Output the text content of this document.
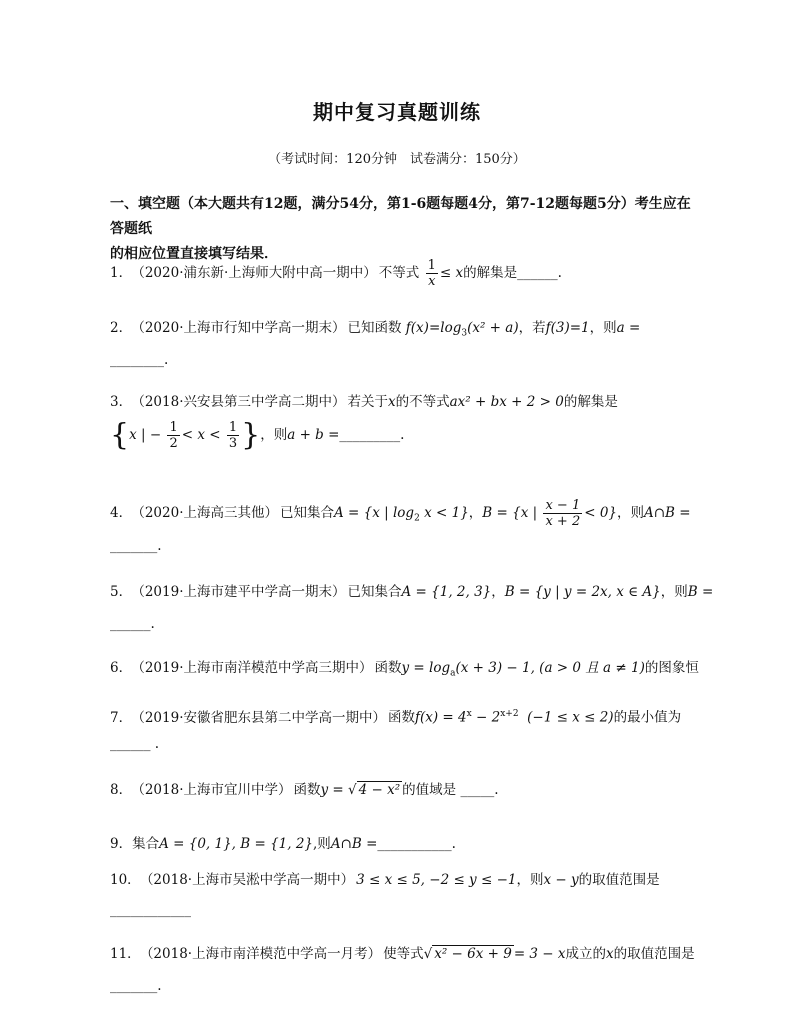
期中复习真题训练
（考试时间：120分钟　试卷满分：150分）
一、填空题（本大题共有12题，满分54分，第1-6题每题4分，第7-12题每题5分）考生应在答题纸
的相应位置直接填写结果．
1． （2020·浦东新·上海师大附中高一期中） 不等式 $\frac{1}{x} \le x$的解集是______.
2． （2020·上海市行知中学高一期末） 已知函数 $f(x)=\log_3(x^2 + a)$，若f(3)=1，则a =
________.
3． （2018·兴安县第三中学高二期中） 若关于x的不等式ax² + bx + 2 > 0的解集是
{x | − $\frac{1}{2} < x < \frac{1}{3}$ }，则a + b =_________.
4． （2020·上海高三其他） 已知集合A = {x | $\log_2 x < 1$}，B = {x | $\frac{x - 1}{x + 2} < 0$}，则A∩B =
_______.
5． （2019·上海市建平中学高一期末） 已知集合A = {1, 2, 3}，B = {y | y = 2x, x ∈ A}，则B =
______.
6． （2019·上海市南洋模范中学高三期中） 函数$y = \log_a(x + 3) - 1$, (a > 0 且 a ≠ 1)的图象恒
7． （2019·安徽省肥东县第二中学高一期中） 函数$f(x) = 4^x - 2^{x+2}$ (−1 ≤ x ≤ 2)的最小值为
______ .
8． （2018·上海市宜川中学） 函数y = √ 4 − x² 的值域是 _____.
9．集合A = {0, 1}, B = {1, 2},则A∩B =___________.
10． （2018·上海市吴淞中学高一期中） 3 ≤ x ≤ 5, −2 ≤ y ≤ −1，则x − y的取值范围是
____________
11． （2018·上海市南洋模范中学高一月考） 使等式√ x² − 6x + 9 = 3 − x成立的x的取值范围是
_______.
